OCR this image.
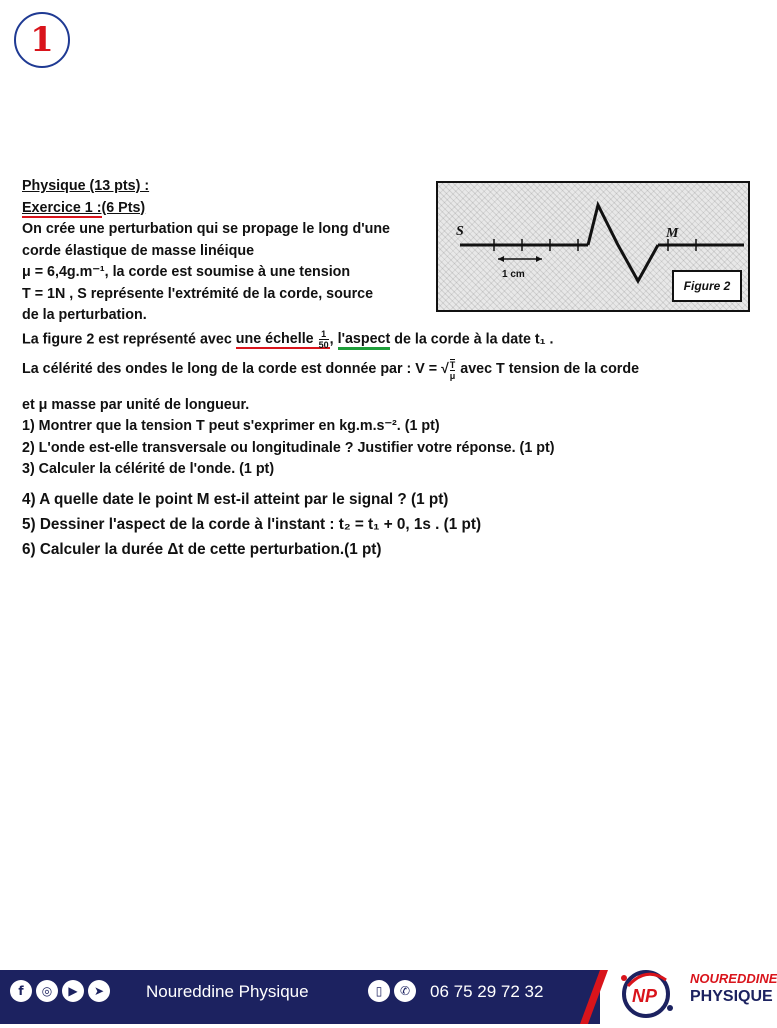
1
Physique (13 pts) :
Exercice 1 :(6 Pts)
On crée une perturbation qui se propage le long d'une
corde élastique de masse linéique
μ = 6,4g.m⁻¹, la corde est soumise à une tension
T = 1N , S représente l'extrémité de la corde, source
de la perturbation.
La figure 2 est représenté avec une échelle $\frac{1}{50}$ , l'aspect de la corde à la date t₁ .
La célérité des ondes le long de la corde est donnée par : V = √ $\frac{T}{\mu}$ avec T tension de la corde
et μ masse par unité de longueur.
1) Montrer que la tension T peut s'exprimer en kg.m.s⁻². (1 pt)
2) L'onde est-elle transversale ou longitudinale ? Justifier votre réponse. (1 pt)
3) Calculer la célérité de l'onde. (1 pt)
4) A quelle date le point M est-il atteint par le signal ? (1 pt)
5) Dessiner l'aspect de la corde à l'instant : t₂ = t₁ + 0, 1s . (1 pt)
6) Calculer la durée Δt de cette perturbation.(1 pt)
S	M
1 cm
Figure 2
f	◎	▶	➤	Noureddine Physique	▯	✆	06 75 29 72 32	NP
NOUREDDINE
PHYSIQUE
